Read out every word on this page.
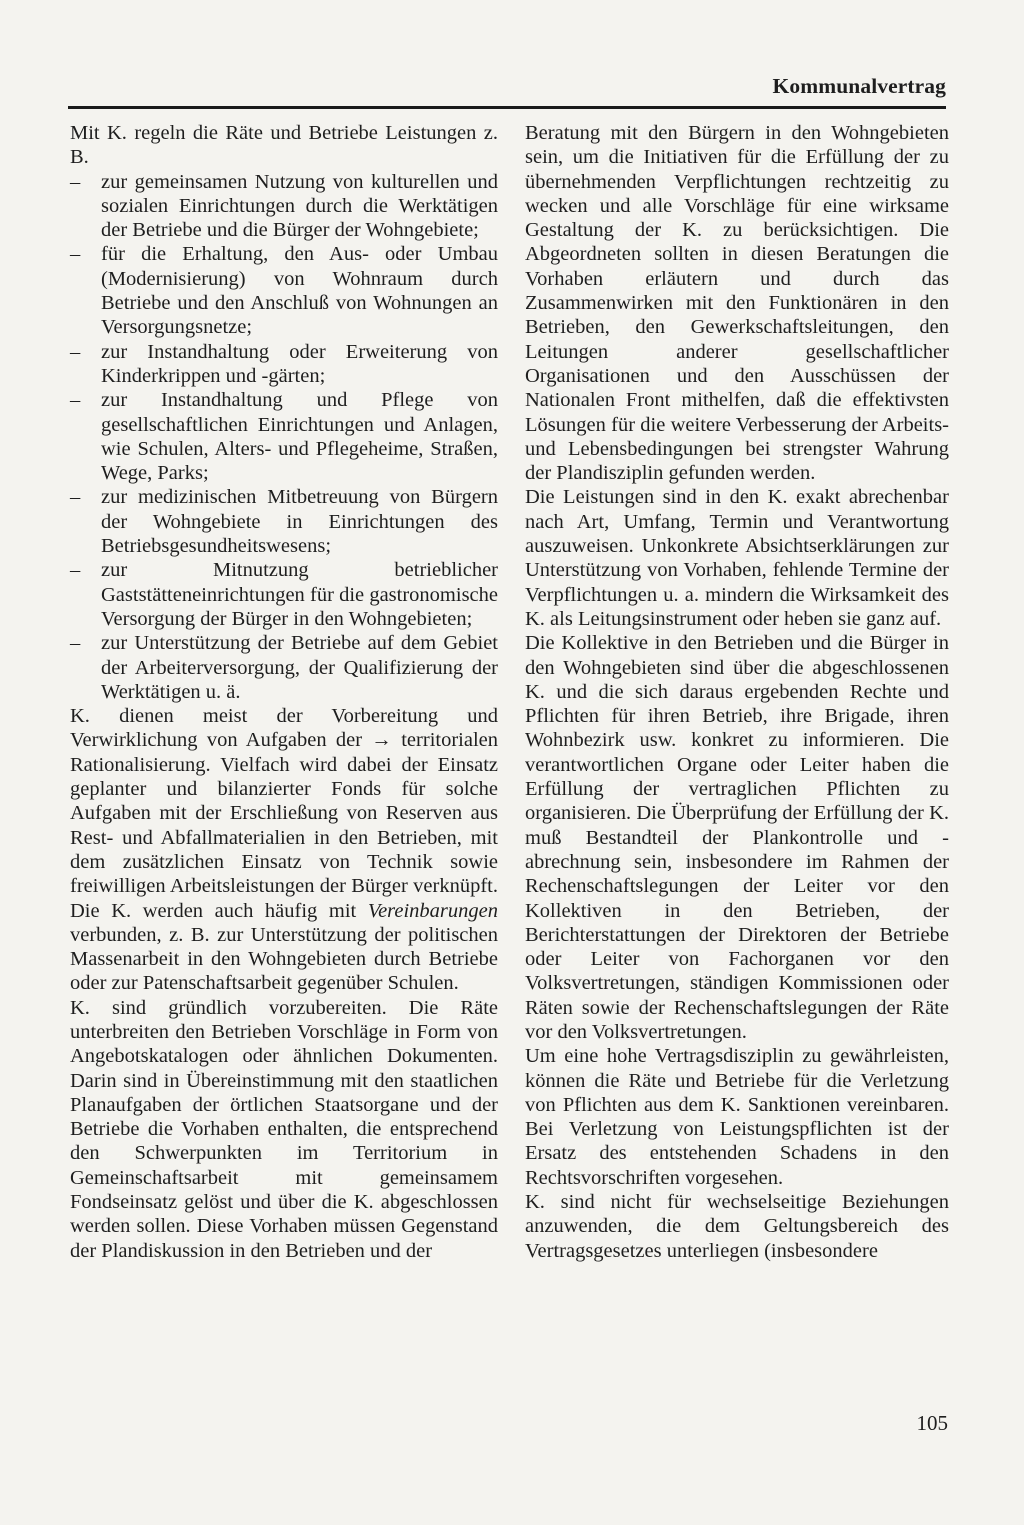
Kommunalvertrag

Mit K. regeln die Räte und Betriebe Leistungen z. B.

– zur gemeinsamen Nutzung von kulturellen und sozialen Einrichtungen durch die Werktätigen der Betriebe und die Bürger der Wohngebiete;
– für die Erhaltung, den Aus- oder Umbau (Modernisierung) von Wohnraum durch Betriebe und den Anschluß von Wohnungen an Versorgungsnetze;
– zur Instandhaltung oder Erweiterung von Kinderkrippen und -gärten;
– zur Instandhaltung und Pflege von gesellschaftlichen Einrichtungen und Anlagen, wie Schulen, Alters- und Pflegeheime, Straßen, Wege, Parks;
– zur medizinischen Mitbetreuung von Bürgern der Wohngebiete in Einrichtungen des Betriebsgesundheitswesens;
– zur Mitnutzung betrieblicher Gaststätteneinrichtungen für die gastronomische Versorgung der Bürger in den Wohngebieten;
– zur Unterstützung der Betriebe auf dem Gebiet der Arbeiterversorgung, der Qualifizierung der Werktätigen u. ä.

K. dienen meist der Vorbereitung und Verwirklichung von Aufgaben der → territorialen Rationalisierung. Vielfach wird dabei der Einsatz geplanter und bilanzierter Fonds für solche Aufgaben mit der Erschließung von Reserven aus Rest- und Abfallmaterialien in den Betrieben, mit dem zusätzlichen Einsatz von Technik sowie freiwilligen Arbeitsleistungen der Bürger verknüpft. Die K. werden auch häufig mit Vereinbarungen verbunden, z. B. zur Unterstützung der politischen Massenarbeit in den Wohngebieten durch Betriebe oder zur Patenschaftsarbeit gegenüber Schulen.

K. sind gründlich vorzubereiten. Die Räte unterbreiten den Betrieben Vorschläge in Form von Angebotskatalogen oder ähnlichen Dokumenten. Darin sind in Übereinstimmung mit den staatlichen Planaufgaben der örtlichen Staatsorgane und der Betriebe die Vorhaben enthalten, die entsprechend den Schwerpunkten im Territorium in Gemeinschaftsarbeit mit gemeinsamem Fondseinsatz gelöst und über die K. abgeschlossen werden sollen. Diese Vorhaben müssen Gegenstand der Plandiskussion in den Betrieben und der

Beratung mit den Bürgern in den Wohngebieten sein, um die Initiativen für die Erfüllung der zu übernehmenden Verpflichtungen rechtzeitig zu wecken und alle Vorschläge für eine wirksame Gestaltung der K. zu berücksichtigen. Die Abgeordneten sollten in diesen Beratungen die Vorhaben erläutern und durch das Zusammenwirken mit den Funktionären in den Betrieben, den Gewerkschaftsleitungen, den Leitungen anderer gesellschaftlicher Organisationen und den Ausschüssen der Nationalen Front mithelfen, daß die effektivsten Lösungen für die weitere Verbesserung der Arbeits- und Lebensbedingungen bei strengster Wahrung der Plandisziplin gefunden werden.

Die Leistungen sind in den K. exakt abrechenbar nach Art, Umfang, Termin und Verantwortung auszuweisen. Unkonkrete Absichtserklärungen zur Unterstützung von Vorhaben, fehlende Termine der Verpflichtungen u. a. mindern die Wirksamkeit des K. als Leitungsinstrument oder heben sie ganz auf.

Die Kollektive in den Betrieben und die Bürger in den Wohngebieten sind über die abgeschlossenen K. und die sich daraus ergebenden Rechte und Pflichten für ihren Betrieb, ihre Brigade, ihren Wohnbezirk usw. konkret zu informieren. Die verantwortlichen Organe oder Leiter haben die Erfüllung der vertraglichen Pflichten zu organisieren. Die Überprüfung der Erfüllung der K. muß Bestandteil der Plankontrolle und -abrechnung sein, insbesondere im Rahmen der Rechenschaftslegungen der Leiter vor den Kollektiven in den Betrieben, der Berichterstattungen der Direktoren der Betriebe oder Leiter von Fachorganen vor den Volksvertretungen, ständigen Kommissionen oder Räten sowie der Rechenschaftslegungen der Räte vor den Volksvertretungen.

Um eine hohe Vertragsdisziplin zu gewährleisten, können die Räte und Betriebe für die Verletzung von Pflichten aus dem K. Sanktionen vereinbaren. Bei Verletzung von Leistungspflichten ist der Ersatz des entstehenden Schadens in den Rechtsvorschriften vorgesehen.

K. sind nicht für wechselseitige Beziehungen anzuwenden, die dem Geltungsbereich des Vertragsgesetzes unterliegen (insbesondere

105
